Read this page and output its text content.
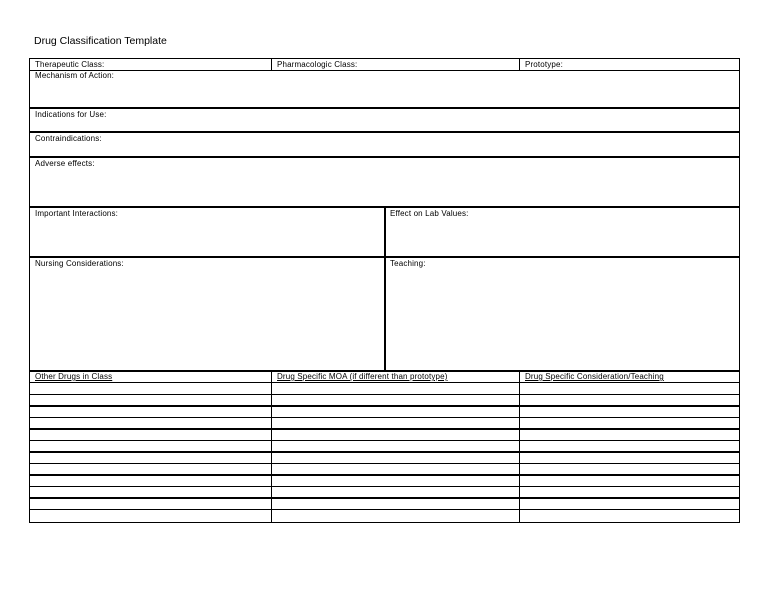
Drug Classification Template
Therapeutic Class:	Pharmacologic Class:	Prototype:
Mechanism of Action:
Indications for Use:
Contraindications:
Adverse effects:
Important Interactions:	Effect on Lab Values:
Nursing Considerations:	Teaching:
Other Drugs in Class	Drug Specific MOA (if different than prototype)	Drug Specific Consideration/Teaching
